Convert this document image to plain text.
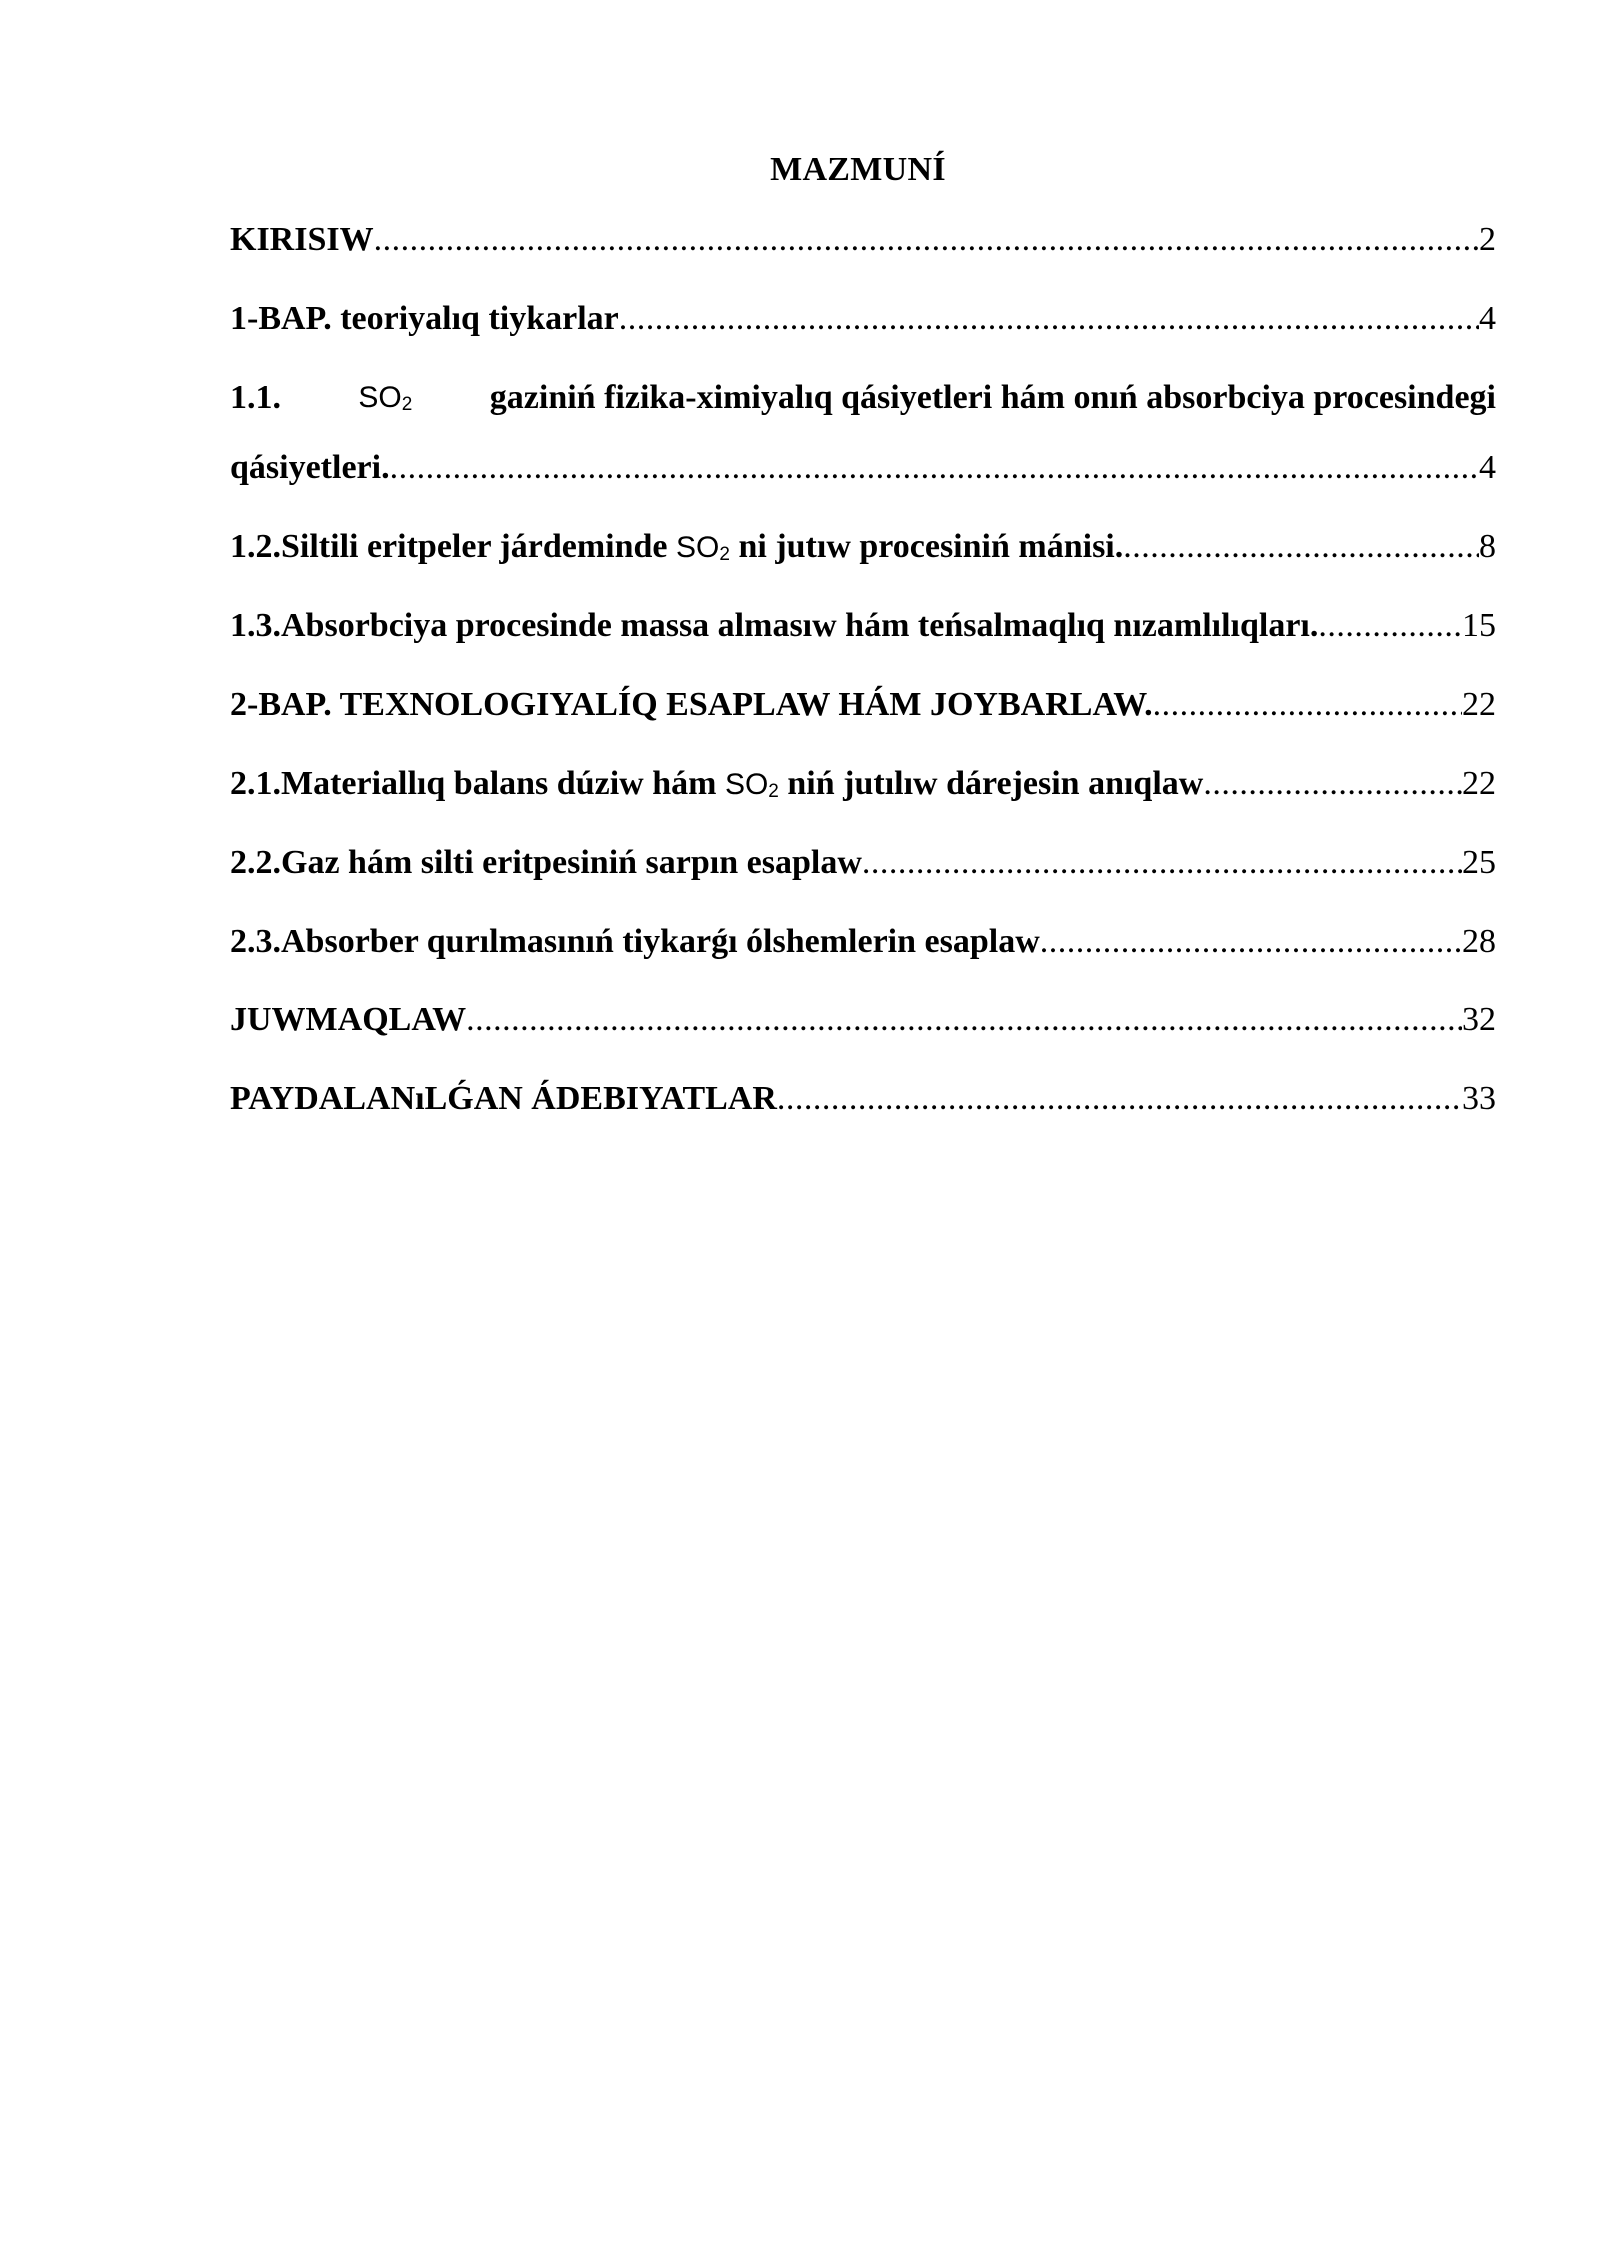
MAZMUNÍ
KIRISIW .....	2
1-BAP. teoriyalıq tiykarlar .....	4
1.1.	$SO_2$ gaziniń fizika-ximiyalıq qásiyetleri hám onıń absorbciya procesindegi
qásiyetleri. .....	4
1.2.Siltili eritpeler járdeminde $SO_2$ ni jutıw procesiniń mánisi. .....	8
1.3.Absorbciya procesinde massa almasıw hám teńsalmaqlıq nızamlılıqları. .....	15
2-BAP. TEXNOLOGIYALÍQ ESAPLAW HÁM JOYBARLAW. .....	22
2.1.Materiallıq balans dúziw hám $SO_2$ niń jutılıw dárejesin anıqlaw .....	22
2.2.Gaz hám silti eritpesiniń sarpın esaplaw .....	25
2.3.Absorber qurılmasınıń tiykarǵı ólshemlerin esaplaw .....	28
JUWMAQLAW .....	32
PAYDALANıLǴAN ÁDEBIYATLAR .....	33
